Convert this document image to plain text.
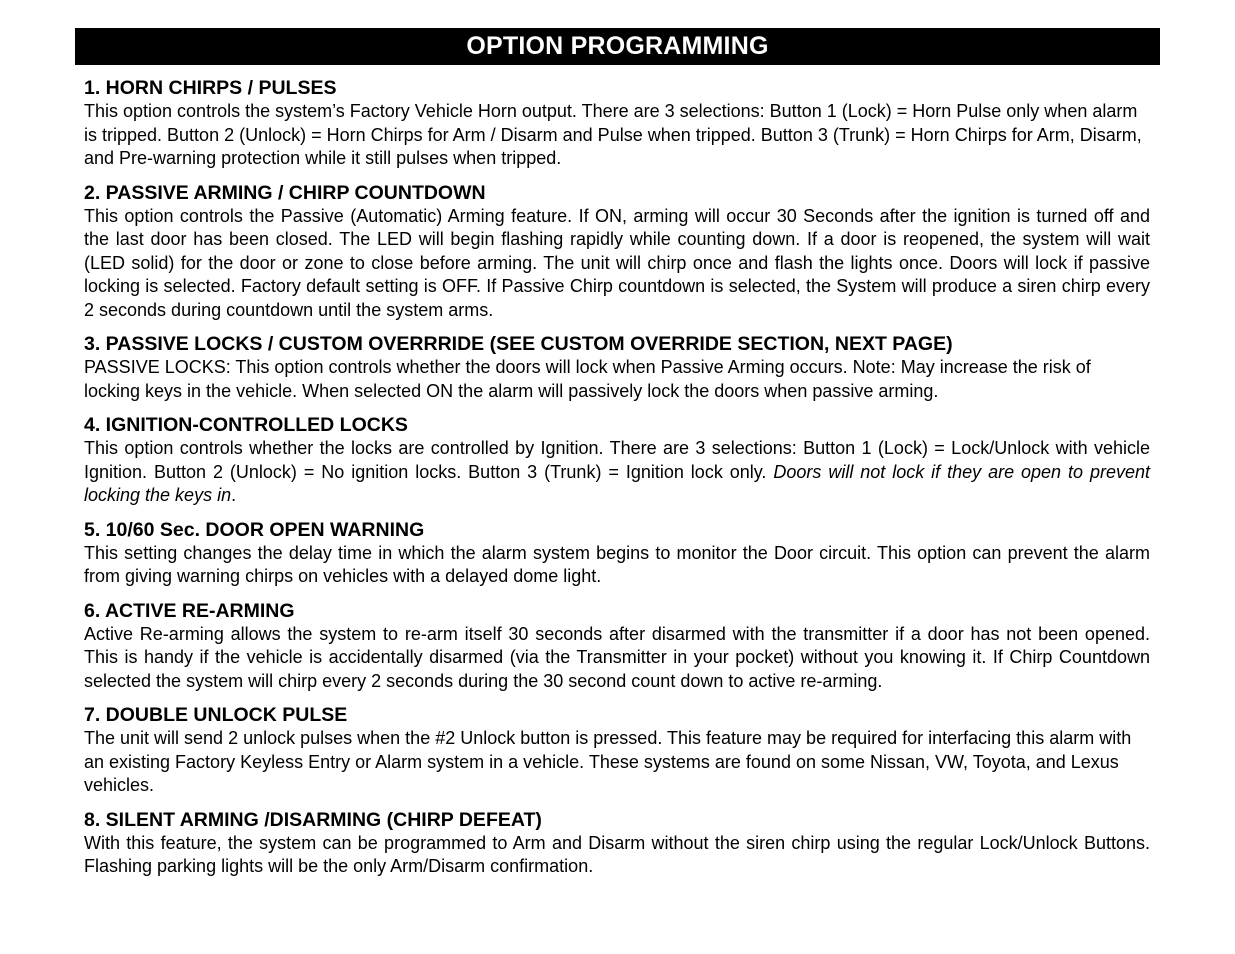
OPTION PROGRAMMING
1. HORN CHIRPS / PULSES

This option controls the system’s Factory Vehicle Horn output. There are 3 selections: Button 1 (Lock) = Horn Pulse only when alarm is tripped. Button 2 (Unlock) = Horn Chirps for Arm / Disarm and Pulse when tripped. Button 3 (Trunk) = Horn Chirps for Arm, Disarm, and Pre-warning protection while it still pulses when tripped.

2. PASSIVE ARMING / CHIRP COUNTDOWN

This option controls the Passive (Automatic) Arming feature. If ON, arming will occur 30 Seconds after the ignition is turned off and the last door has been closed. The LED will begin flashing rapidly while counting down. If a door is reopened, the system will wait (LED solid) for the door or zone to close before arming. The unit will chirp once and flash the lights once. Doors will lock if passive locking is selected. Factory default setting is OFF. If Passive Chirp countdown is selected, the System will produce a siren chirp every 2 seconds during countdown until the system arms.

3. PASSIVE LOCKS / CUSTOM OVERRRIDE (SEE CUSTOM OVERRIDE SECTION, NEXT PAGE)

PASSIVE LOCKS: This option controls whether the doors will lock when Passive Arming occurs. Note: May increase the risk of locking keys in the vehicle. When selected ON the alarm will passively lock the doors when passive arming.

4. IGNITION-CONTROLLED LOCKS

This option controls whether the locks are controlled by Ignition. There are 3 selections: Button 1 (Lock) = Lock/Unlock with vehicle Ignition. Button 2 (Unlock) = No ignition locks. Button 3 (Trunk) = Ignition lock only. Doors will not lock if they are open to prevent locking the keys in.

5. 10/60 Sec. DOOR OPEN WARNING

This setting changes the delay time in which the alarm system begins to monitor the Door circuit. This option can prevent the alarm from giving warning chirps on vehicles with a delayed dome light.

6. ACTIVE RE-ARMING

Active Re-arming allows the system to re-arm itself 30 seconds after disarmed with the transmitter if a door has not been opened. This is handy if the vehicle is accidentally disarmed (via the Transmitter in your pocket) without you knowing it. If Chirp Countdown selected the system will chirp every 2 seconds during the 30 second count down to active re-arming.

7. DOUBLE UNLOCK PULSE

The unit will send 2 unlock pulses when the #2 Unlock button is pressed. This feature may be required for interfacing this alarm with an existing Factory Keyless Entry or Alarm system in a vehicle. These systems are found on some Nissan, VW, Toyota, and Lexus vehicles.

8. SILENT ARMING /DISARMING (CHIRP DEFEAT)

With this feature, the system can be programmed to Arm and Disarm without the siren chirp using the regular Lock/Unlock Buttons. Flashing parking lights will be the only Arm/Disarm confirmation.
